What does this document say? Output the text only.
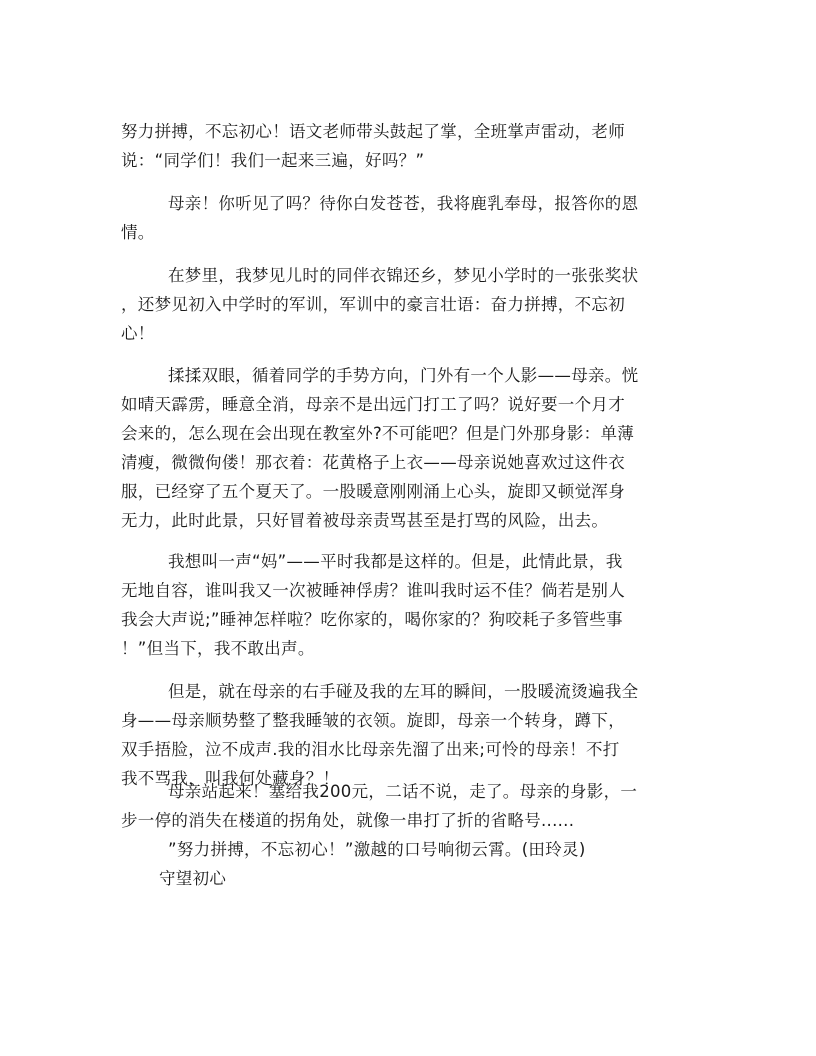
努力拼搏，不忘初心！语文老师带头鼓起了掌，全班掌声雷动，老师
说：“同学们！我们一起来三遍，好吗？”

母亲！你听见了吗？待你白发苍苍，我将鹿乳奉母，报答你的恩
情。

在梦里，我梦见儿时的同伴衣锦还乡，梦见小学时的一张张奖状
，还梦见初入中学时的军训，军训中的豪言壮语：奋力拼搏，不忘初
心！

揉揉双眼，循着同学的手势方向，门外有一个人影——母亲。恍
如晴天霹雳，睡意全消，母亲不是出远门打工了吗？说好要一个月才
会来的，怎么现在会出现在教室外?不可能吧？但是门外那身影：单薄
清瘦，微微佝偻！那衣着：花黄格子上衣——母亲说她喜欢过这件衣
服，已经穿了五个夏天了。一股暖意刚刚涌上心头，旋即又顿觉浑身
无力，此时此景，只好冒着被母亲责骂甚至是打骂的风险，出去。

我想叫一声“妈”——平时我都是这样的。但是，此情此景，我
无地自容，谁叫我又一次被睡神俘虏？谁叫我时运不佳？倘若是别人
我会大声说;”睡神怎样啦？吃你家的，喝你家的？狗咬耗子多管些事
！”但当下，我不敢出声。

但是，就在母亲的右手碰及我的左耳的瞬间，一股暖流烫遍我全
身——母亲顺势整了整我睡皱的衣领。旋即，母亲一个转身，蹲下，
双手捂脸，泣不成声.我的泪水比母亲先溜了出来;可怜的母亲！不打
我不骂我，叫我何处藏身？！

母亲站起来！塞给我200元，二话不说，走了。母亲的身影，一
步一停的消失在楼道的拐角处，就像一串打了折的省略号......

”努力拼搏，不忘初心！”激越的口号响彻云霄。(田玲灵)

守望初心
